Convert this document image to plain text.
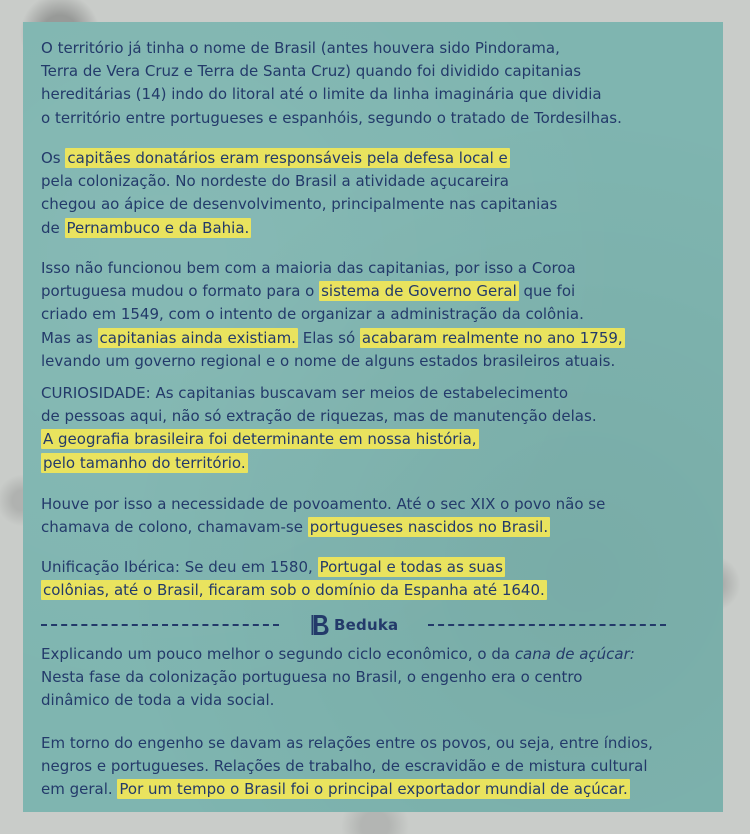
O território já tinha o nome de Brasil (antes houvera sido Pindorama,
Terra de Vera Cruz e Terra de Santa Cruz) quando foi dividido capitanias
hereditárias (14) indo do litoral até o limite da linha imaginária que dividia
o território entre portugueses e espanhóis, segundo o tratado de Tordesilhas.

Os capitães donatários eram responsáveis pela defesa local e
pela colonização. No nordeste do Brasil a atividade açucareira
chegou ao ápice de desenvolvimento, principalmente nas capitanias
de Pernambuco e da Bahia.

Isso não funcionou bem com a maioria das capitanias, por isso a Coroa
portuguesa mudou o formato para o sistema de Governo Geral que foi
criado em 1549, com o intento de organizar a administração da colônia.
Mas as capitanias ainda existiam. Elas só acabaram realmente no ano 1759,
levando um governo regional e o nome de alguns estados brasileiros atuais.

CURIOSIDADE: As capitanias buscavam ser meios de estabelecimento
de pessoas aqui, não só extração de riquezas, mas de manutenção delas.
A geografia brasileira foi determinante em nossa história,
pelo tamanho do território.

Houve por isso a necessidade de povoamento. Até o sec XIX o povo não se
chamava de colono, chamavam-se portugueses nascidos no Brasil.

Unificação Ibérica: Se deu em 1580, Portugal e todas as suas
colônias, até o Brasil, ficaram sob o domínio da Espanha até 1640.

Beduka

Explicando um pouco melhor o segundo ciclo econômico, o da cana de açúcar:
Nesta fase da colonização portuguesa no Brasil, o engenho era o centro
dinâmico de toda a vida social.

Em torno do engenho se davam as relações entre os povos, ou seja, entre índios,
negros e portugueses. Relações de trabalho, de escravidão e de mistura cultural
em geral. Por um tempo o Brasil foi o principal exportador mundial de açúcar.
